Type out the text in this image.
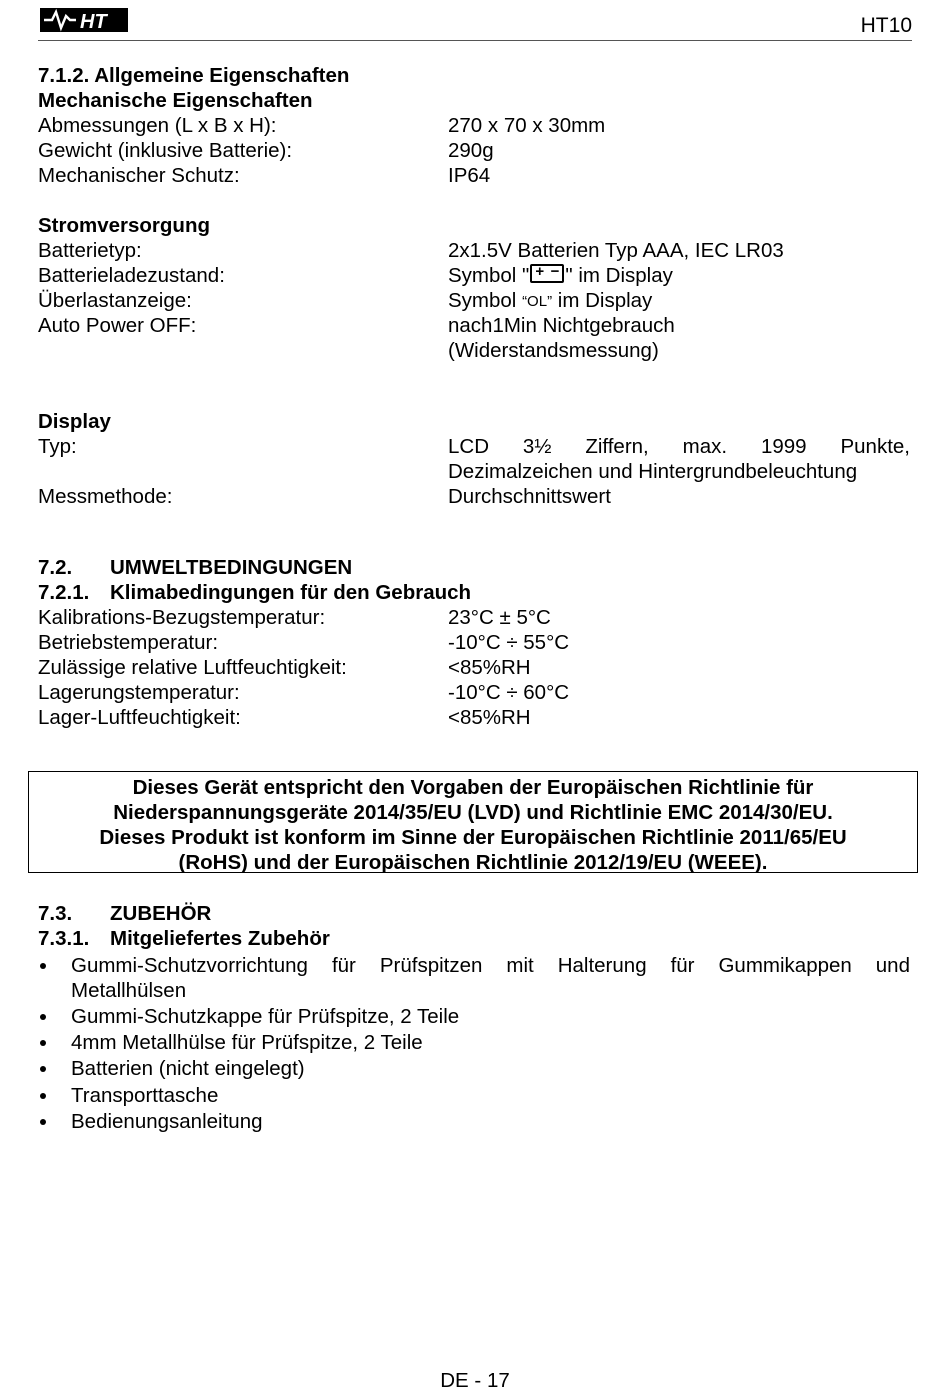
HT	HT10
7.1.2. Allgemeine Eigenschaften
Mechanische Eigenschaften
Abmessungen (L x B x H):	270 x 70 x 30mm
Gewicht (inklusive Batterie):	290g
Mechanischer Schutz:	IP64
Stromversorgung
Batterietyp:	2x1.5V Batterien Typ AAA, IEC LR03
Batterieladezustand:	Symbol "+ − " im Display
Überlastanzeige:	Symbol “OL” im Display
Auto Power OFF:	nach1Min Nichtgebrauch
(Widerstandsmessung)
Display
Typ:	LCD 3½ Ziffern, max. 1999 Punkte,
Dezimalzeichen und Hintergrundbeleuchtung
Messmethode:	Durchschnittswert
7.2. UMWELTBEDINGUNGEN
7.2.1. Klimabedingungen für den Gebrauch
Kalibrations-Bezugstemperatur:	23°C ± 5°C
Betriebstemperatur:	-10°C ÷ 55°C
Zulässige relative Luftfeuchtigkeit:	<85%RH
Lagerungstemperatur:	-10°C ÷ 60°C
Lager-Luftfeuchtigkeit:	<85%RH
Dieses Gerät entspricht den Vorgaben der Europäischen Richtlinie für
Niederspannungsgeräte 2014/35/EU (LVD) und Richtlinie EMC 2014/30/EU.
Dieses Produkt ist konform im Sinne der Europäischen Richtlinie 2011/65/EU
(RoHS) und der Europäischen Richtlinie 2012/19/EU (WEEE).
7.3. ZUBEHÖR
7.3.1. Mitgeliefertes Zubehör
Gummi-Schutzvorrichtung für Prüfspitzen mit Halterung für Gummikappen und
Metallhülsen
Gummi-Schutzkappe für Prüfspitze, 2 Teile
4mm Metallhülse für Prüfspitze, 2 Teile
Batterien (nicht eingelegt)
Transporttasche
Bedienungsanleitung
DE - 17
